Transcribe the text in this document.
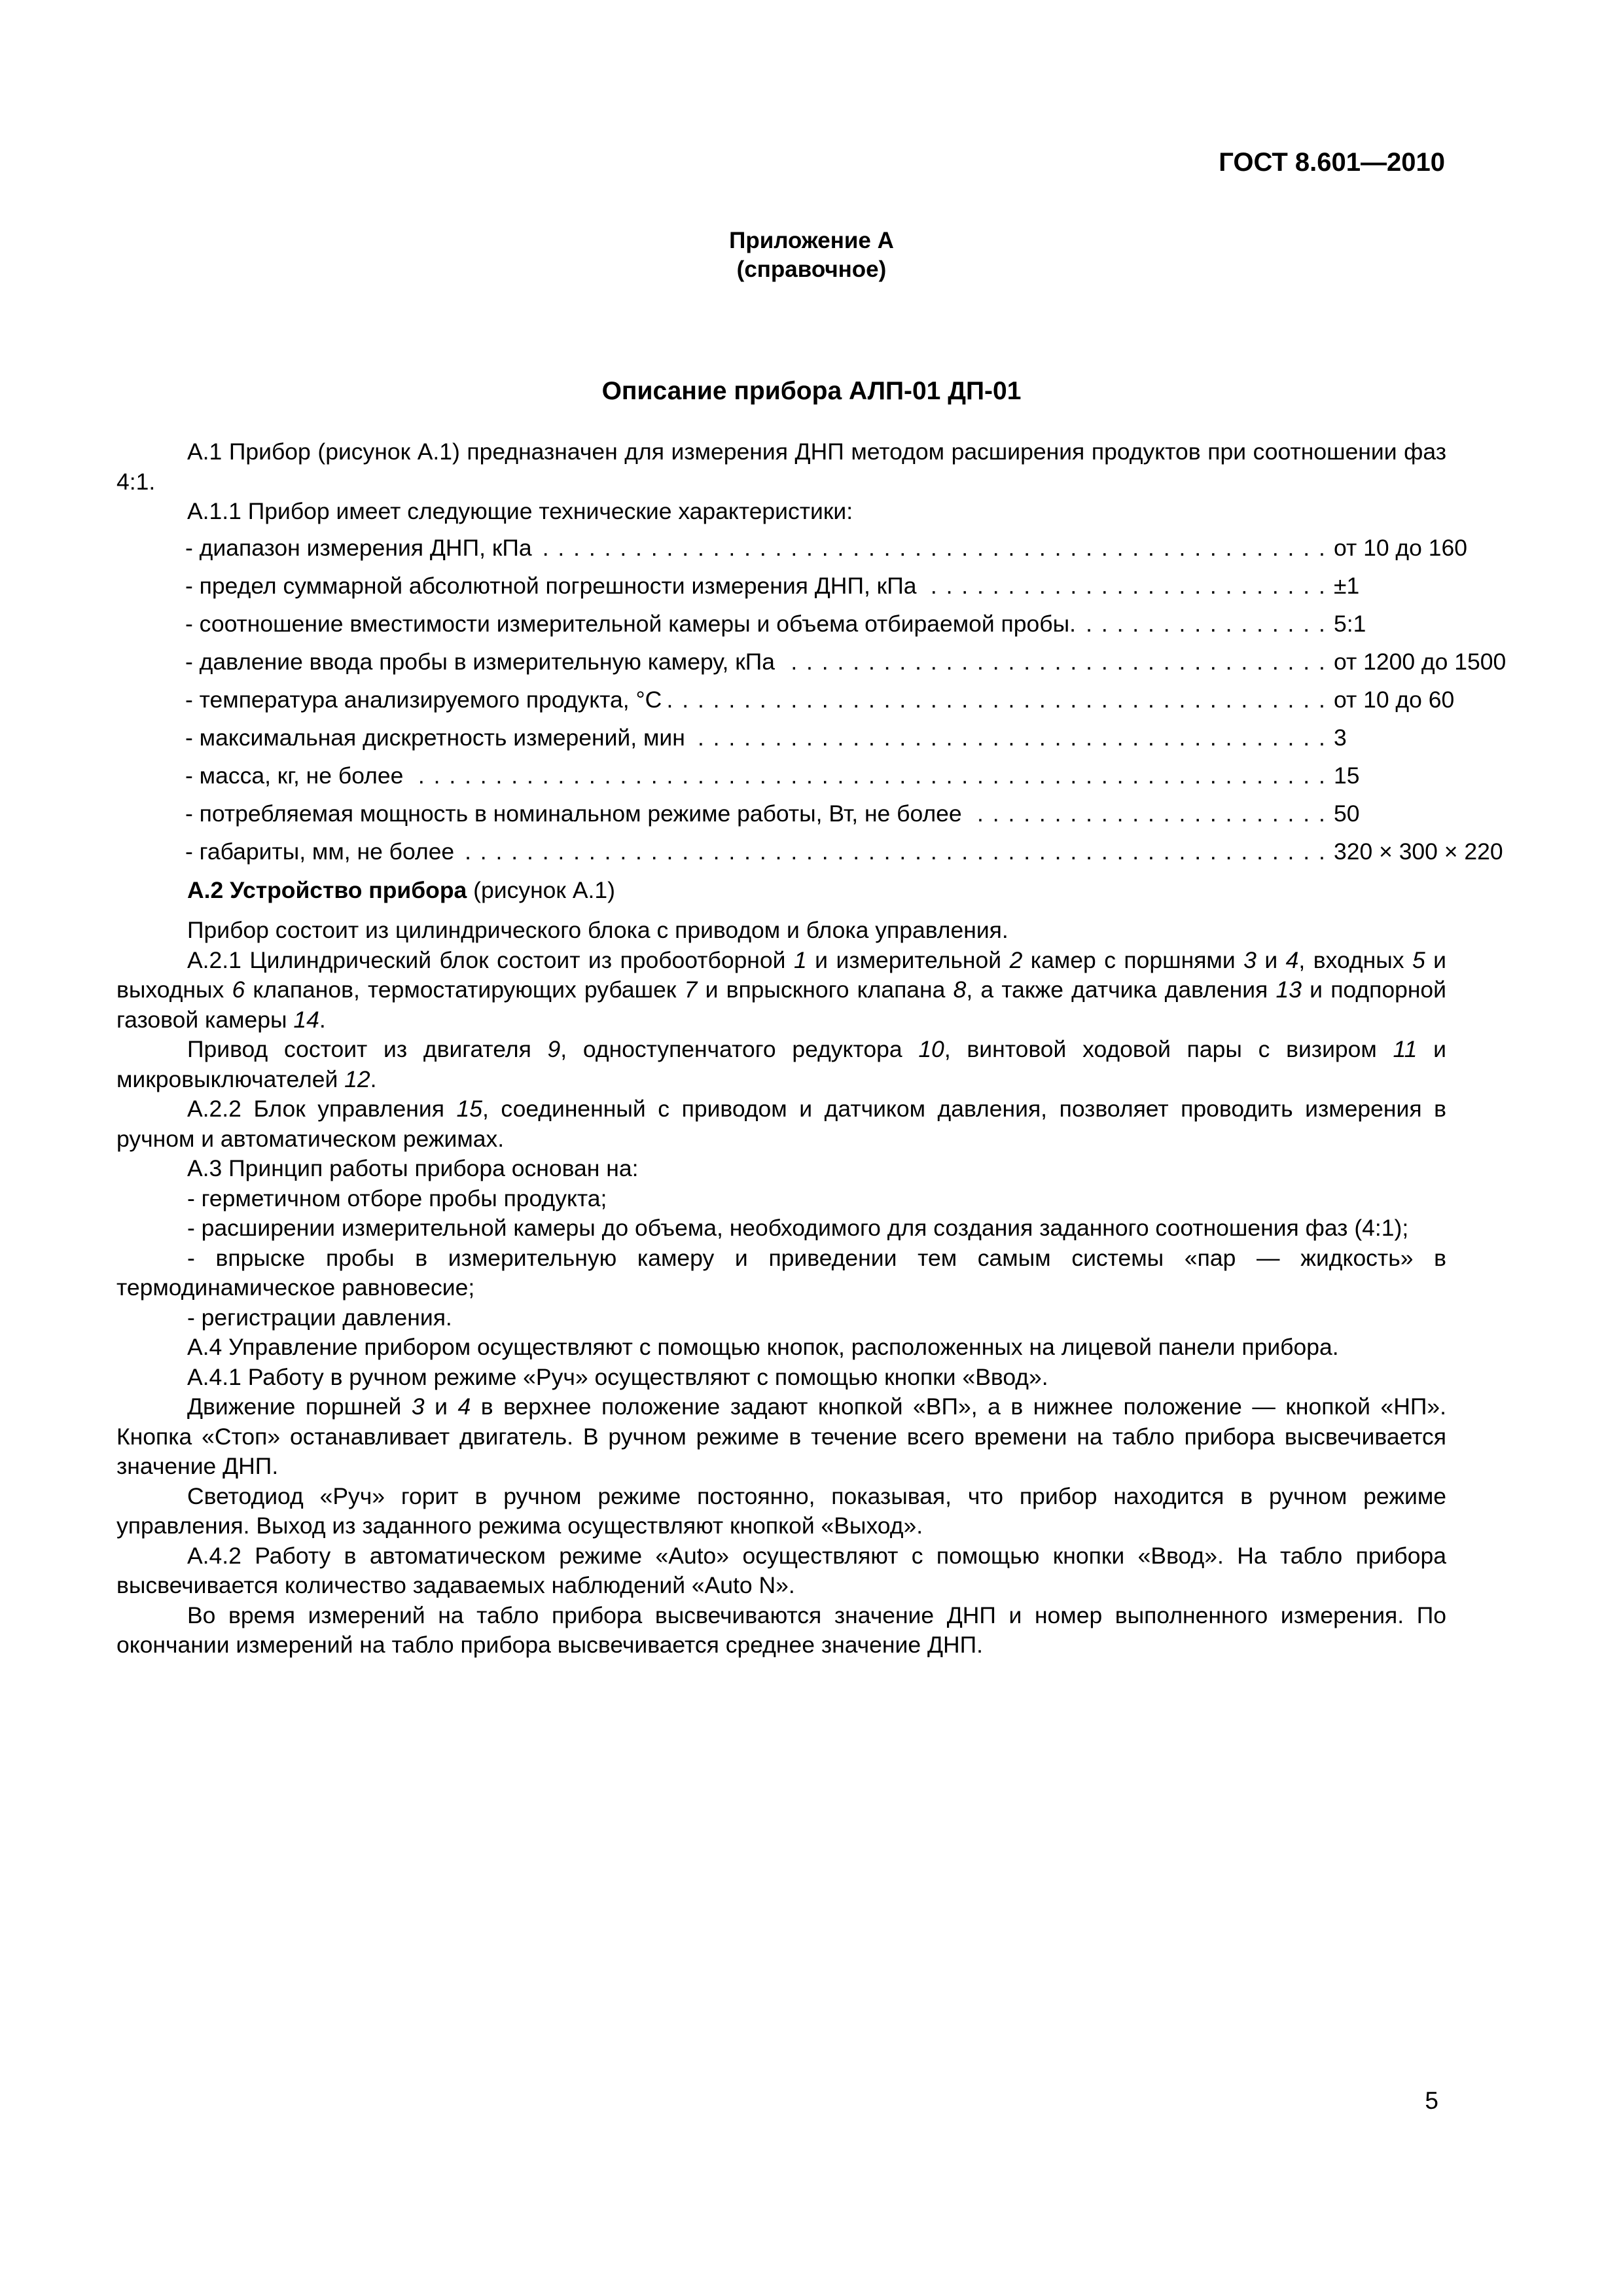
ГОСТ 8.601—2010
Приложение А
(справочное)
Описание прибора АЛП-01 ДП-01

А.1 Прибор (рисунок А.1) предназначен для измерения ДНП методом расширения продуктов при соотношении фаз 4:1.

А.1.1 Прибор имеет следующие технические характеристики:

- диапазон измерения ДНП, кПа . . .	от 10 до 160
- предел суммарной абсолютной погрешности измерения ДНП, кПа . . .	±1
- соотношение вместимости измерительной камеры и объема отбираемой пробы. . . .	5:1
- давление ввода пробы в измерительную камеру, кПа . . .	от 1200 до 1500
- температура анализируемого продукта, °С . . .	от 10 до 60
- максимальная дискретность измерений, мин . . .	3
- масса, кг, не более . . .	15
- потребляемая мощность в номинальном режиме работы, Вт, не более . . .	50
- габариты, мм, не более . . .	320 × 300 × 220

А.2 Устройство прибора (рисунок А.1)

Прибор состоит из цилиндрического блока с приводом и блока управления.

А.2.1 Цилиндрический блок состоит из пробоотборной 1 и измерительной 2 камер с поршнями 3 и 4, входных 5 и выходных 6 клапанов, термостатирующих рубашек 7 и впрыскного клапана 8, а также датчика давления 13 и подпорной газовой камеры 14.

Привод состоит из двигателя 9, одноступенчатого редуктора 10, винтовой ходовой пары с визиром 11 и микровыключателей 12.

А.2.2 Блок управления 15, соединенный с приводом и датчиком давления, позволяет проводить измерения в ручном и автоматическом режимах.

А.3 Принцип работы прибора основан на:

- герметичном отборе пробы продукта;

- расширении измерительной камеры до объема, необходимого для создания заданного соотношения фаз (4:1);

- впрыске пробы в измерительную камеру и приведении тем самым системы «пар — жидкость» в термодинамическое равновесие;

- регистрации давления.

А.4 Управление прибором осуществляют с помощью кнопок, расположенных на лицевой панели прибора.

А.4.1 Работу в ручном режиме «Руч» осуществляют с помощью кнопки «Ввод».

Движение поршней 3 и 4 в верхнее положение задают кнопкой «ВП», а в нижнее положение — кнопкой «НП». Кнопка «Стоп» останавливает двигатель. В ручном режиме в течение всего времени на табло прибора высвечивается значение ДНП.

Светодиод «Руч» горит в ручном режиме постоянно, показывая, что прибор находится в ручном режиме управления. Выход из заданного режима осуществляют кнопкой «Выход».

А.4.2 Работу в автоматическом режиме «Auto» осуществляют с помощью кнопки «Ввод». На табло прибора высвечивается количество задаваемых наблюдений «Auto N».

Во время измерений на табло прибора высвечиваются значение ДНП и номер выполненного измерения. По окончании измерений на табло прибора высвечивается среднее значение ДНП.

5
